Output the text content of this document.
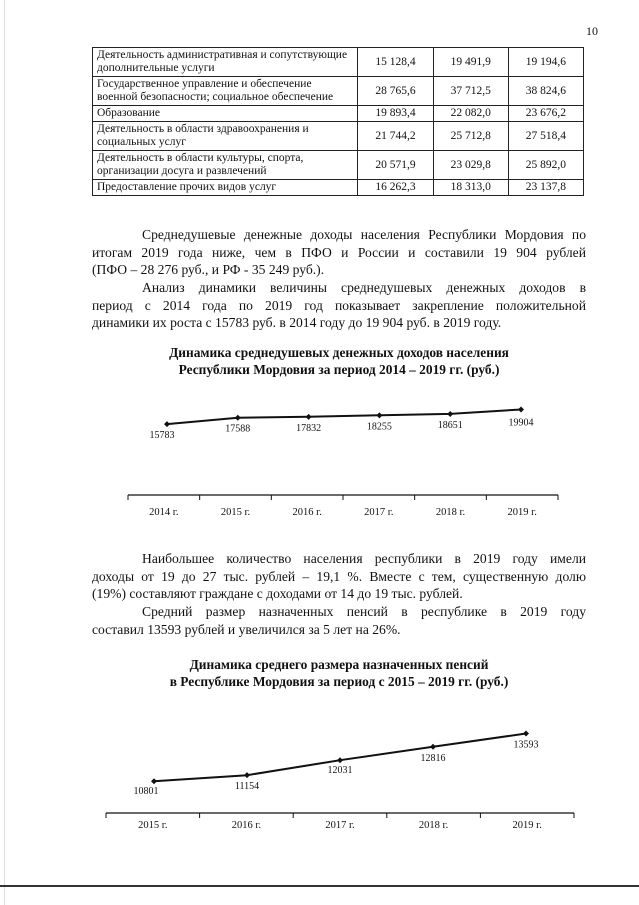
10
Деятельность административная и сопутствующие дополнительные услуги	15 128,4	19 491,9	19 194,6
Государственное управление и обеспечение военной безопасности; социальное обеспечение	28 765,6	37 712,5	38 824,6
Образование	19 893,4	22 082,0	23 676,2
Деятельность в области здравоохранения и социальных услуг	21 744,2	25 712,8	27 518,4
Деятельность в области культуры, спорта, организации досуга и развлечений	20 571,9	23 029,8	25 892,0
Предоставление прочих видов услуг	16 262,3	18 313,0	23 137,8
Среднедушевые денежные доходы населения Республики Мордовия по
итогам 2019 года ниже, чем в ПФО и России и составили 19 904 рублей
(ПФО – 28 276 руб., и РФ - 35 249 руб.).
Анализ динамики величины среднедушевых денежных доходов в
период с 2014 года по 2019 год показывает закрепление положительной
динамики их роста с 15783 руб. в 2014 году до 19 904 руб. в 2019 году.
Динамика среднедушевых денежных доходов населения
Республики Мордовия за период 2014 – 2019 гг. (руб.)
15783
17588	17832	18255	18651	19904
2014 г.	2015 г.	2016 г.	2017 г.	2018 г.	2019 г.
Наибольшее количество населения республики в 2019 году имели
доходы от 19 до 27 тыс. рублей – 19,1 %. Вместе с тем, существенную долю
(19%) составляют граждане с доходами от 14 до 19 тыс. рублей.
Средний размер назначенных пенсий в республике в 2019 году
составил 13593 рублей и увеличился за 5 лет на 26%.
Динамика среднего размера назначенных пенсий
в Республике Мордовия за период с 2015 – 2019 гг. (руб.)
10801	11154
12031
12816
13593
2015 г.	2016 г.	2017 г.	2018 г.	2019 г.
